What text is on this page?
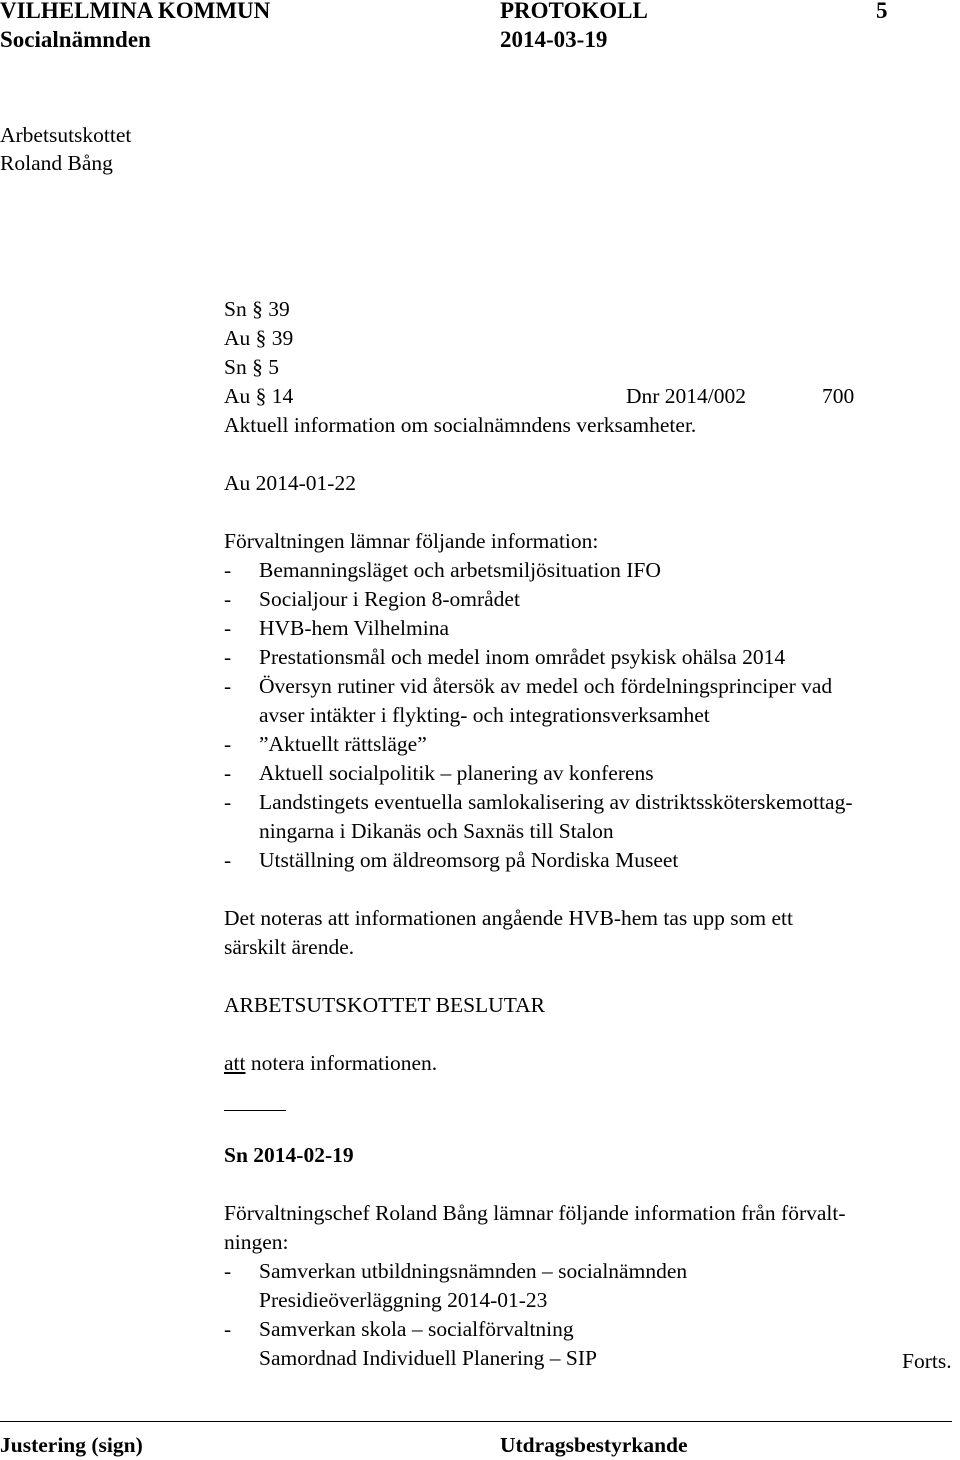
VILHELMINA KOMMUN	PROTOKOLL	5
Socialnämnden	2014-03-19
Arbetsutskottet
Roland Bång
Sn § 39
Au § 39
Sn § 5
Au § 14	Dnr 2014/002	700
Aktuell information om socialnämndens verksamheter.
Au 2014-01-22
Förvaltningen lämnar följande information:
- Bemanningsläget och arbetsmiljösituation IFO
- Socialjour i Region 8-området
- HVB-hem Vilhelmina
- Prestationsmål och medel inom området psykisk ohälsa 2014
- Översyn rutiner vid återsök av medel och fördelningsprinciper vad
avser intäkter i flykting- och integrationsverksamhet
- ”Aktuellt rättsläge”
- Aktuell socialpolitik – planering av konferens
- Landstingets eventuella samlokalisering av distriktssköterskemottag-
ningarna i Dikanäs och Saxnäs till Stalon
- Utställning om äldreomsorg på Nordiska Museet
Det noteras att informationen angående HVB-hem tas upp som ett
särskilt ärende.
ARBETSUTSKOTTET BESLUTAR
att notera informationen.
Sn 2014-02-19
Förvaltningschef Roland Bång lämnar följande information från förvalt-
ningen:
- Samverkan utbildningsnämnden – socialnämnden
Presidieöverläggning 2014-01-23
- Samverkan skola – socialförvaltning
Samordnad Individuell Planering – SIP	Forts.
Justering (sign)	Utdragsbestyrkande
